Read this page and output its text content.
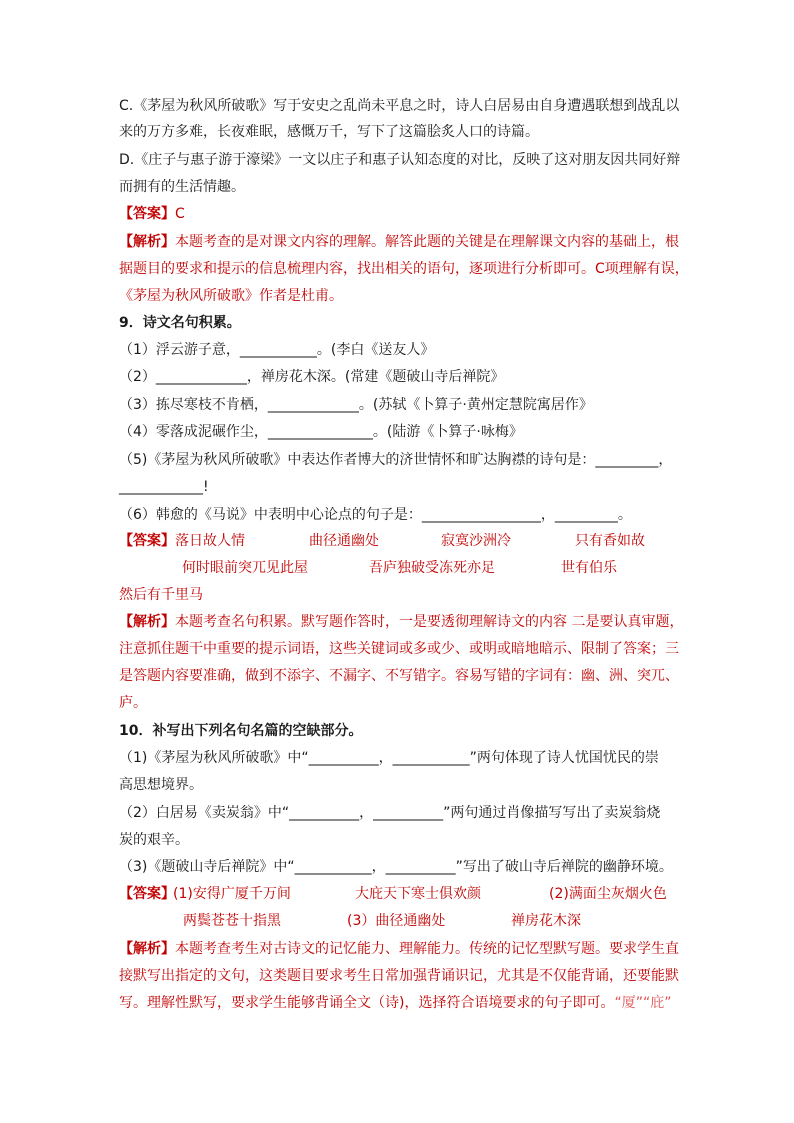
C.《茅屋为秋风所破歌》写于安史之乱尚未平息之时，诗人白居易由自身遭遇联想到战乱以
来的万方多难，长夜难眠，感慨万千，写下了这篇脍炙人口的诗篇。
D.《庄子与惠子游于濠梁》一文以庄子和惠子认知态度的对比，反映了这对朋友因共同好辩
而拥有的生活情趣。
【答案】C
【解析】本题考查的是对课文内容的理解。解答此题的关键是在理解课文内容的基础上，根
据题目的要求和提示的信息梳理内容，找出相关的语句，逐项进行分析即可。C项理解有误，
《茅屋为秋风所破歌》作者是杜甫。
9．诗文名句积累。
（1）浮云游子意，___________。(李白《送友人》
（2）_____________，禅房花木深。(常建《题破山寺后禅院》
（3）拣尽寒枝不肯栖，_____________。(苏轼《卜算子·黄州定慧院寓居作》
（4）零落成泥碾作尘，_______________。(陆游《卜算子·咏梅》
（5)《茅屋为秋风所破歌》中表达作者博大的济世情怀和旷达胸襟的诗句是：_________，
____________!
（6）韩愈的《马说》中表明中心论点的句子是：_________________，_________。
【答案】 落日故人情	曲径通幽处	寂寞沙洲冷	只有香如故
何时眼前突兀见此屋	吾庐独破受冻死亦足	世有伯乐
然后有千里马
【解析】本题考查名句积累。默写题作答时，一是要透彻理解诗文的内容 二是要认真审题，
注意抓住题干中重要的提示词语，这些关键词或多或少、或明或暗地暗示、限制了答案；三
是答题内容要准确，做到不添字、不漏字、不写错字。容易写错的字词有：幽、洲、突兀、
庐。
10．补写出下列名句名篇的空缺部分。
（1)《茅屋为秋风所破歌》中“__________，___________”两句体现了诗人忧国忧民的崇
高思想境界。
（2）白居易《卖炭翁》中“__________，__________”两句通过肖像描写写出了卖炭翁烧
炭的艰辛。
（3)《题破山寺后禅院》中“___________，__________”写出了破山寺后禅院的幽静环境。
【答案】
(1)安得广厦千万间	大庇天下寒士俱欢颜	(2)满面尘灰烟火色
两鬓苍苍十指黑	(3）曲径通幽处	禅房花木深
【解析】本题考查考生对古诗文的记忆能力、理解能力。传统的记忆型默写题。要求学生直
接默写出指定的文句，这类题目要求考生日常加强背诵识记，尤其是不仅能背诵，还要能默
写。理解性默写，要求学生能够背诵全文（诗)，选择符合语境要求的句子即可。“厦”“庇”
